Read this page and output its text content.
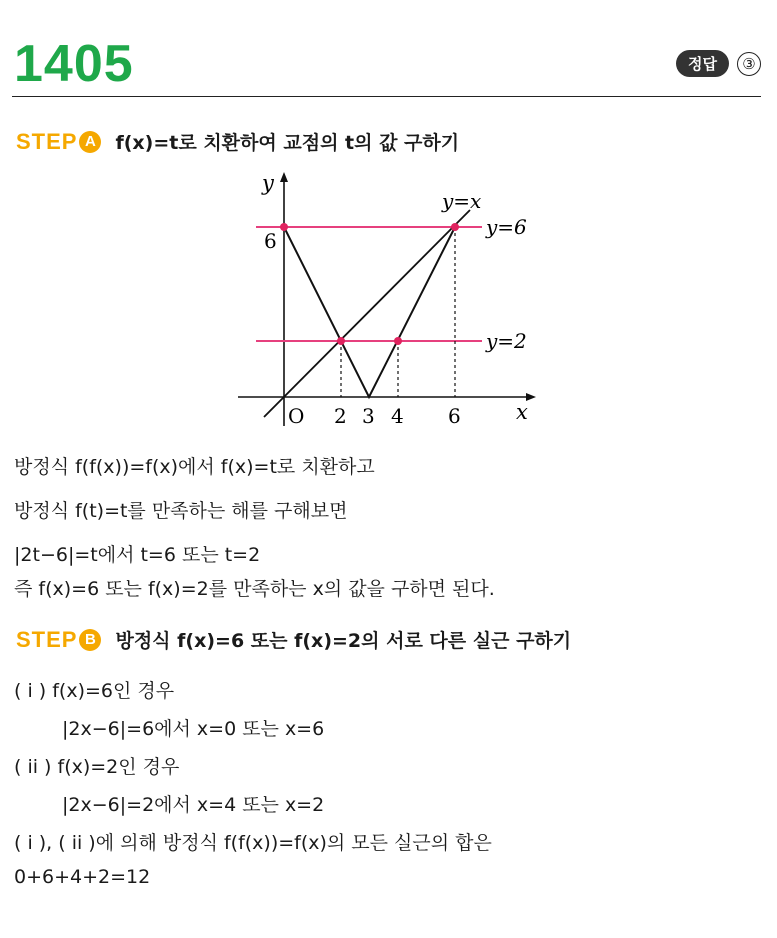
1405	정답	③
STEP A f(x)=t로 치환하여 교점의 t의 값 구하기
y
x
O
6
2 3 4 6
y=x
y=6
y=2
방정식 f(f(x))=f(x)에서 f(x)=t로 치환하고
방정식 f(t)=t를 만족하는 해를 구해보면
|2t−6|=t에서 t=6 또는 t=2
즉 f(x)=6 또는 f(x)=2를 만족하는 x의 값을 구하면 된다.
STEP B 방정식 f(x)=6 또는 f(x)=2의 서로 다른 실근 구하기
( i ) f(x)=6인 경우
|2x−6|=6에서 x=0 또는 x=6
( ii ) f(x)=2인 경우
|2x−6|=2에서 x=4 또는 x=2
( i ), ( ii )에 의해 방정식 f(f(x))=f(x)의 모든 실근의 합은
0+6+4+2=12
